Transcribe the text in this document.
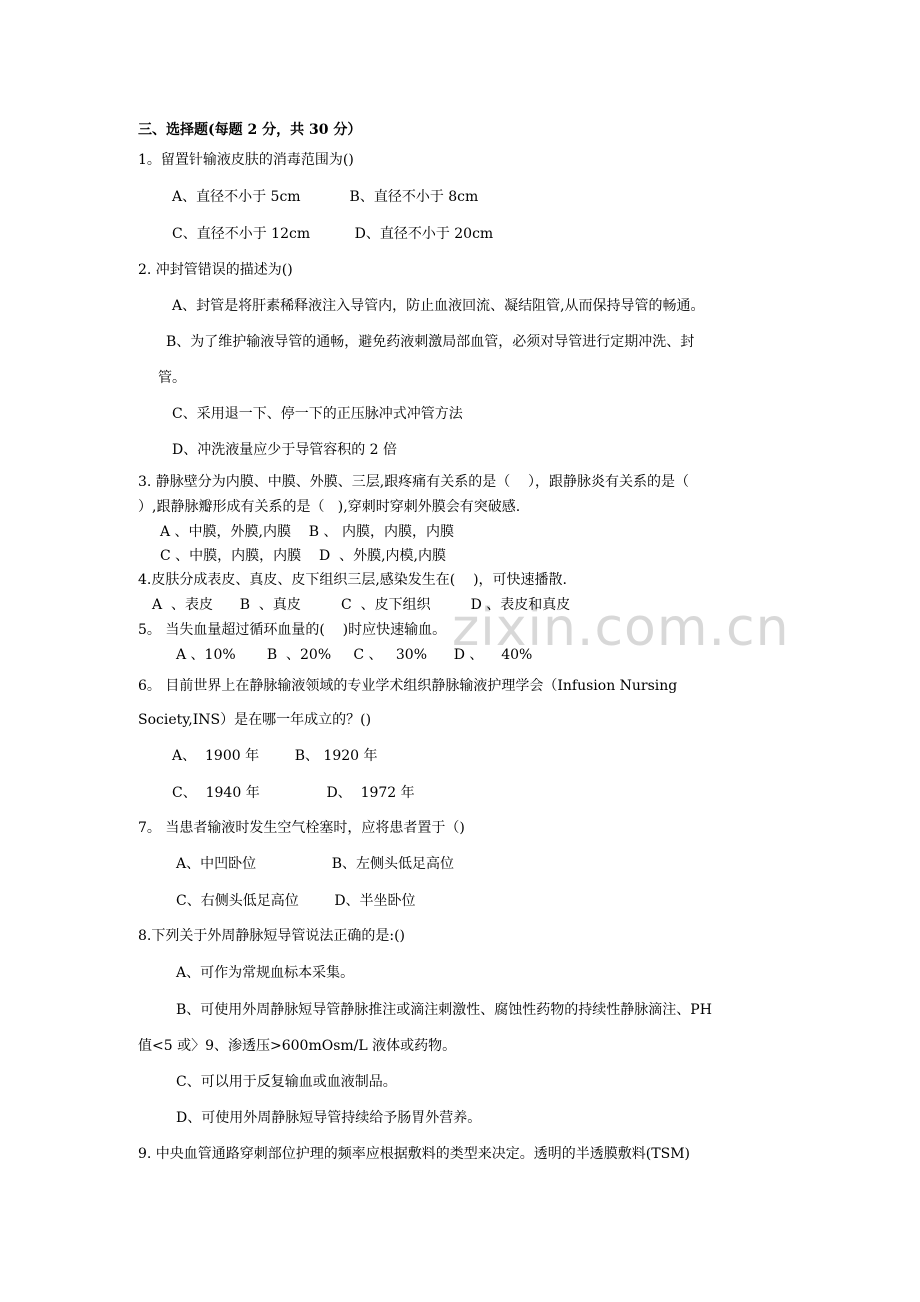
zixin.com.cn
三、选择题(每题 2 分，共 30 分）
1。留置针输液皮肤的消毒范围为()
A、直径不小于 5cm           B、直径不小于 8cm
C、直径不小于 12cm          D、直径不小于 20cm
2. 冲封管错误的描述为()
A、封管是将肝素稀释液注入导管内，防止血液回流、凝结阻管,从而保持导管的畅通。
B、为了维护输液导管的通畅，避免药液刺激局部血管，必须对导管进行定期冲洗、封
管。
C、采用退一下、停一下的正压脉冲式冲管方法
D、冲洗液量应少于导管容积的 2 倍
3. 静脉壁分为内膜、中膜、外膜、三层,跟疼痛有关系的是（    ），跟静脉炎有关系的是（
）,跟静脉瓣形成有关系的是（   ),穿刺时穿刺外膜会有突破感.
A 、中膜，外膜,内膜    B 、 内膜，内膜，内膜
C 、中膜，内膜，内膜    D  、外膜,内模,内膜
4.皮肤分成表皮、真皮、皮下组织三层,感染发生在(    )，可快速播散.
A  、表皮      B  、真皮         C  、皮下组织         D 、表皮和真皮
5。 当失血量超过循环血量的(    )时应快速输血。
A 、10%       B  、20%     C 、   30%      D 、    40%
6。 目前世界上在静脉输液领域的专业学术组织静脉输液护理学会（Infusion Nursing
Society,INS）是在哪一年成立的？()
A、  1900 年        B、 1920 年
C、  1940 年               D、  1972 年
7。 当患者输液时发生空气栓塞时，应将患者置于（)
A、中凹卧位                 B、左侧头低足高位
C、右侧头低足高位        D、半坐卧位
8.下列关于外周静脉短导管说法正确的是:()
A、可作为常规血标本采集。
B、可使用外周静脉短导管静脉推注或滴注刺激性、腐蚀性药物的持续性静脉滴注、PH
值<5 或〉9、渗透压>600mOsm/L 液体或药物。
C、可以用于反复输血或血液制品。
D、可使用外周静脉短导管持续给予肠胃外营养。
9. 中央血管通路穿刺部位护理的频率应根据敷料的类型来决定。透明的半透膜敷料(TSM)
